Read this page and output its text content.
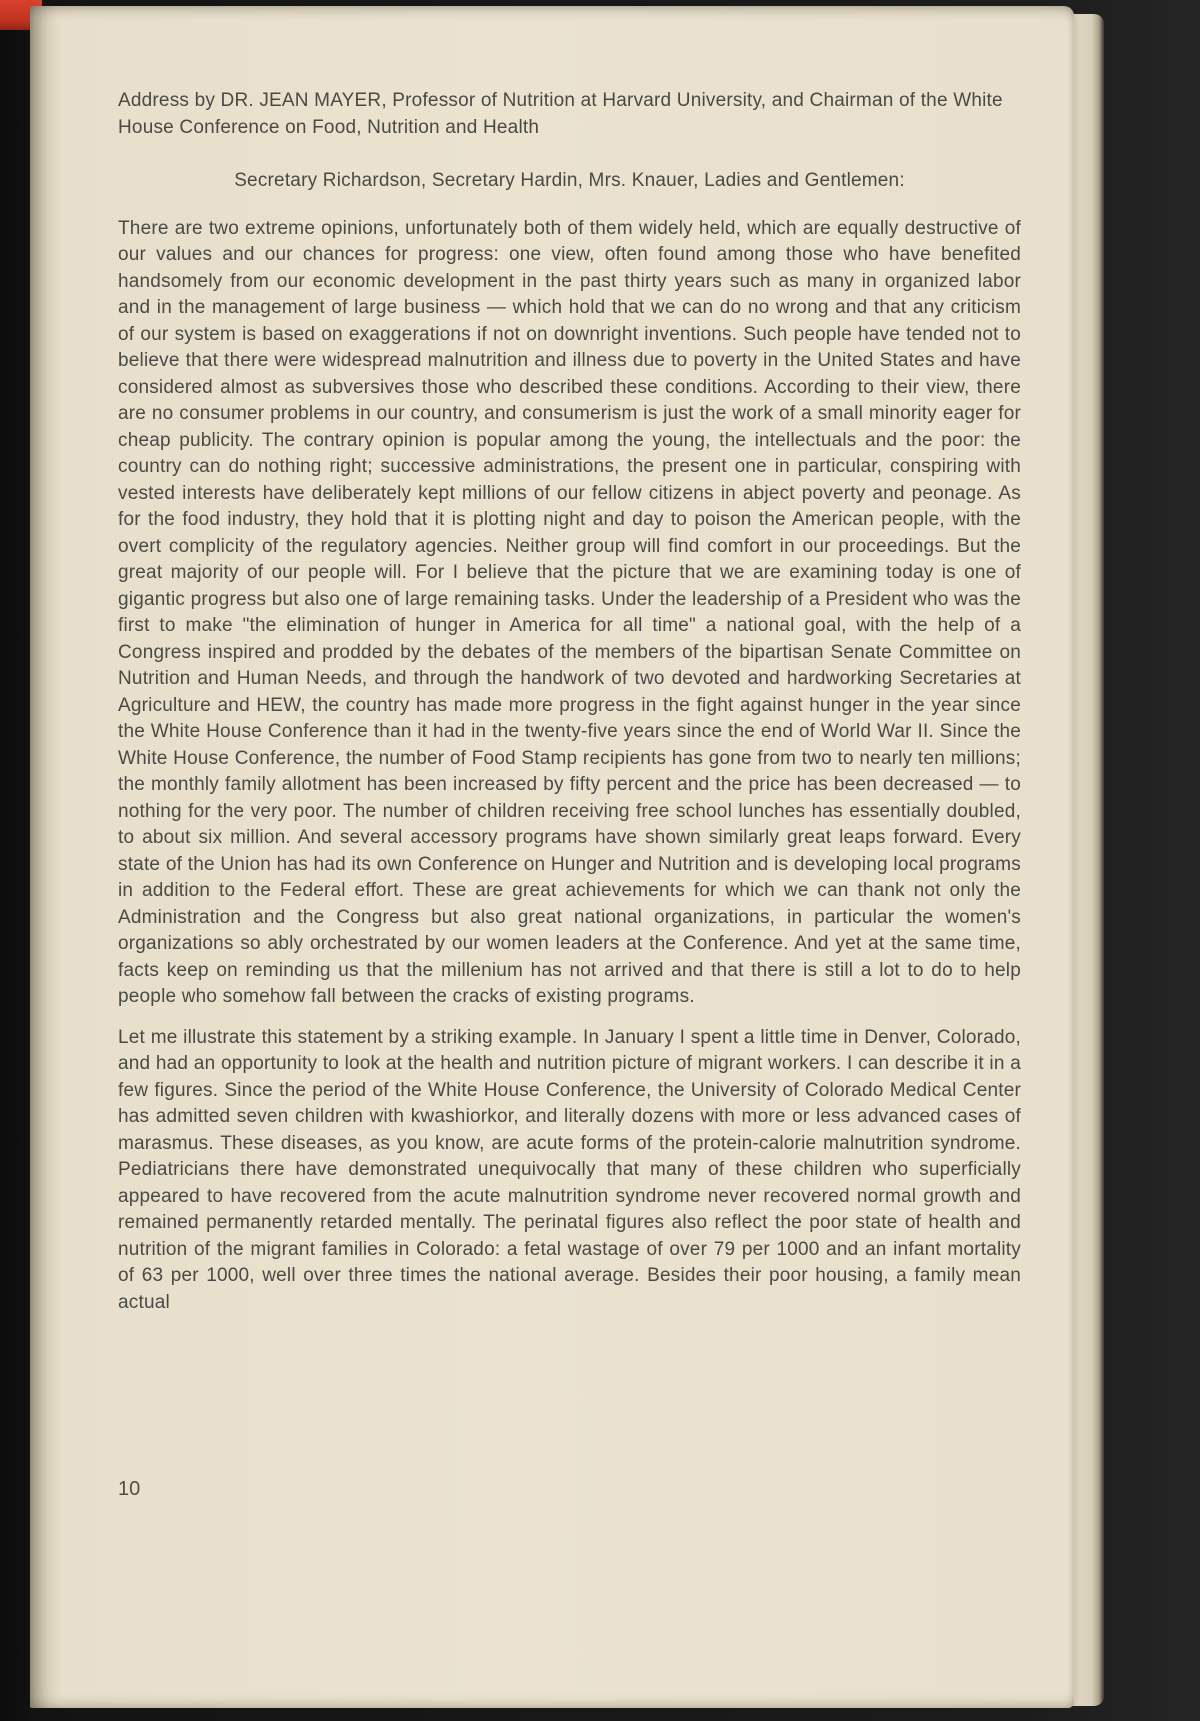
Address by DR. JEAN MAYER, Professor of Nutrition at Harvard University, and Chairman of the White House Conference on Food, Nutrition and Health

Secretary Richardson, Secretary Hardin, Mrs. Knauer, Ladies and Gentlemen:

There are two extreme opinions, unfortunately both of them widely held, which are equally destructive of our values and our chances for progress: one view, often found among those who have benefited handsomely from our economic development in the past thirty years such as many in organized labor and in the management of large business — which hold that we can do no wrong and that any criticism of our system is based on exaggerations if not on downright inventions. Such people have tended not to believe that there were widespread malnutrition and illness due to poverty in the United States and have considered almost as subversives those who described these conditions. According to their view, there are no consumer problems in our country, and consumerism is just the work of a small minority eager for cheap publicity. The contrary opinion is popular among the young, the intellectuals and the poor: the country can do nothing right; successive administrations, the present one in particular, conspiring with vested interests have deliberately kept millions of our fellow citizens in abject poverty and peonage. As for the food industry, they hold that it is plotting night and day to poison the American people, with the overt complicity of the regulatory agencies. Neither group will find comfort in our proceedings. But the great majority of our people will. For I believe that the picture that we are examining today is one of gigantic progress but also one of large remaining tasks. Under the leadership of a President who was the first to make "the elimination of hunger in America for all time" a national goal, with the help of a Congress inspired and prodded by the debates of the members of the bipartisan Senate Committee on Nutrition and Human Needs, and through the handwork of two devoted and hardworking Secretaries at Agriculture and HEW, the country has made more progress in the fight against hunger in the year since the White House Conference than it had in the twenty-five years since the end of World War II. Since the White House Conference, the number of Food Stamp recipients has gone from two to nearly ten millions; the monthly family allotment has been increased by fifty percent and the price has been decreased — to nothing for the very poor. The number of children receiving free school lunches has essentially doubled, to about six million. And several accessory programs have shown similarly great leaps forward. Every state of the Union has had its own Conference on Hunger and Nutrition and is developing local programs in addition to the Federal effort. These are great achievements for which we can thank not only the Administration and the Congress but also great national organizations, in particular the women's organizations so ably orchestrated by our women leaders at the Conference. And yet at the same time, facts keep on reminding us that the millenium has not arrived and that there is still a lot to do to help people who somehow fall between the cracks of existing programs.

Let me illustrate this statement by a striking example. In January I spent a little time in Denver, Colorado, and had an opportunity to look at the health and nutrition picture of migrant workers. I can describe it in a few figures. Since the period of the White House Conference, the University of Colorado Medical Center has admitted seven children with kwashiorkor, and literally dozens with more or less advanced cases of marasmus. These diseases, as you know, are acute forms of the protein-calorie malnutrition syndrome. Pediatricians there have demonstrated unequivocally that many of these children who superficially appeared to have recovered from the acute malnutrition syndrome never recovered normal growth and remained permanently retarded mentally. The perinatal figures also reflect the poor state of health and nutrition of the migrant families in Colorado: a fetal wastage of over 79 per 1000 and an infant mortality of 63 per 1000, well over three times the national average. Besides their poor housing, a family mean actual

10
